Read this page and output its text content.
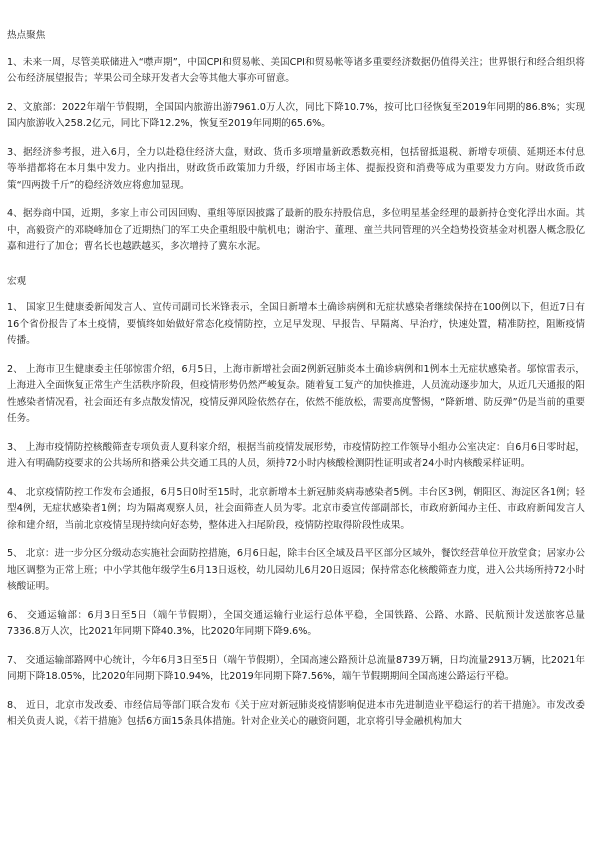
热点聚焦

1、未来一周，尽管美联储进入“噤声期”，中国CPI和贸易帐、美国CPI和贸易帐等诸多重要经济数据仍值得关注；世界银行和经合组织将公布经济展望报告；苹果公司全球开发者大会等其他大事亦可留意。

2、文旅部：2022年端午节假期，全国国内旅游出游7961.0万人次，同比下降10.7%，按可比口径恢复至2019年同期的86.8%；实现国内旅游收入258.2亿元，同比下降12.2%，恢复至2019年同期的65.6%。

3、据经济参考报，进入6月，全力以赴稳住经济大盘，财政、货币多项增量新政悉数亮相，包括留抵退税、新增专项债、延期还本付息等举措都将在本月集中发力。业内指出，财政货币政策加力升级，纾困市场主体、提振投资和消费等成为重要发力方向。财政货币政策“四两拨千斤”的稳经济效应将愈加显现。

4、据券商中国，近期，多家上市公司因回购、重组等原因披露了最新的股东持股信息，多位明星基金经理的最新持仓变化浮出水面。其中，高毅资产的邓晓峰加仓了近期热门的军工央企重组股中航机电；谢治宇、董理、童兰共同管理的兴全趋势投资基金对机器人概念股亿嘉和进行了加仓；曹名长也越跌越买，多次增持了冀东水泥。

宏观

1、 国家卫生健康委新闻发言人、宣传司副司长米锋表示，全国日新增本土确诊病例和无症状感染者继续保持在100例以下，但近7日有16个省份报告了本土疫情，要慎终如始做好常态化疫情防控，立足早发现、早报告、早隔离、早治疗，快速处置，精准防控，阻断疫情传播。

2、 上海市卫生健康委主任邬惊雷介绍，6月5日，上海市新增社会面2例新冠肺炎本土确诊病例和1例本土无症状感染者。邬惊雷表示，上海进入全面恢复正常生产生活秩序阶段，但疫情形势仍然严峻复杂。随着复工复产的加快推进，人员流动逐步加大，从近几天通报的阳性感染者情况看，社会面还有多点散发情况，疫情反弹风险依然存在，依然不能放松，需要高度警惕，“降新增、防反弹”仍是当前的重要任务。

3、 上海市疫情防控核酸筛查专项负责人夏科家介绍，根据当前疫情发展形势，市疫情防控工作领导小组办公室决定：自6月6日零时起，进入有明确防疫要求的公共场所和搭乘公共交通工具的人员，须持72小时内核酸检测阴性证明或者24小时内核酸采样证明。

4、 北京疫情防控工作发布会通报，6月5日0时至15时，北京新增本土新冠肺炎病毒感染者5例。丰台区3例，朝阳区、海淀区各1例；轻型4例，无症状感染者1例；均为隔离观察人员，社会面筛查人员为零。北京市委宣传部副部长，市政府新闻办主任、市政府新闻发言人徐和建介绍，当前北京疫情呈现持续向好态势，整体进入扫尾阶段，疫情防控取得阶段性成果。

5、 北京：进一步分区分级动态实施社会面防控措施，6月6日起，除丰台区全域及昌平区部分区域外，餐饮经营单位开放堂食；居家办公地区调整为正常上班；中小学其他年级学生6月13日返校，幼儿园幼儿6月20日返园；保持常态化核酸筛查力度，进入公共场所持72小时核酸证明。

6、 交通运输部：6月3日至5日（端午节假期），全国交通运输行业运行总体平稳，全国铁路、公路、水路、民航预计发送旅客总量7336.8万人次，比2021年同期下降40.3%，比2020年同期下降9.6%。

7、 交通运输部路网中心统计，今年6月3日至5日（端午节假期），全国高速公路预计总流量8739万辆，日均流量2913万辆，比2021年同期下降18.05%，比2020年同期下降10.94%，比2019年同期下降7.56%，端午节假期期间全国高速公路运行平稳。

8、 近日，北京市发改委、市经信局等部门联合发布《关于应对新冠肺炎疫情影响促进本市先进制造业平稳运行的若干措施》。市发改委相关负责人说，《若干措施》包括6方面15条具体措施。针对企业关心的融资问题，北京将引导金融机构加大
